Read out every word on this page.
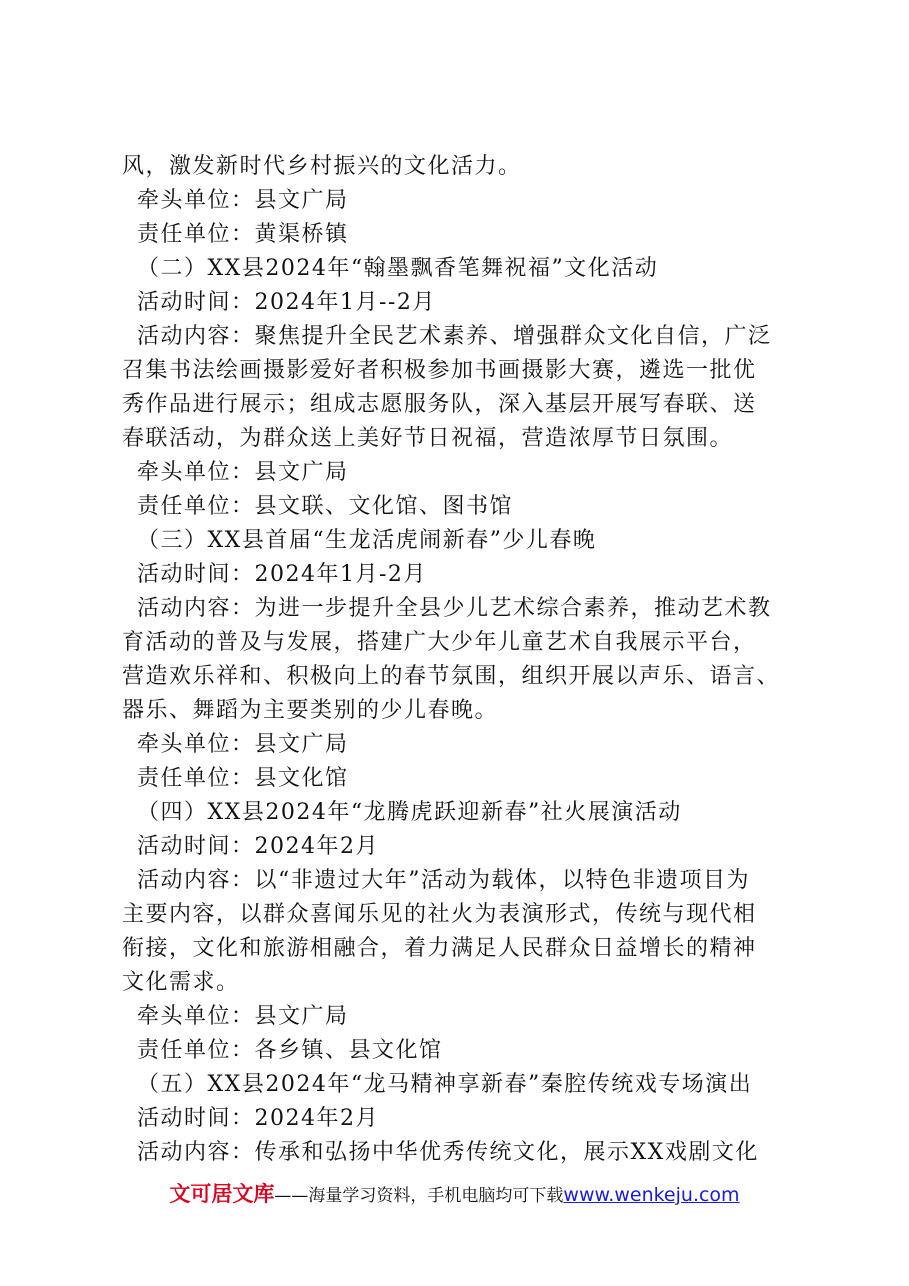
风，激发新时代乡村振兴的文化活力。
牵头单位：县文广局
责任单位：黄渠桥镇
（二）XX县2024年“翰墨飘香笔舞祝福”文化活动
活动时间：2024年1月--2月
活动内容：聚焦提升全民艺术素养、增强群众文化自信，广泛
召集书法绘画摄影爱好者积极参加书画摄影大赛，遴选一批优
秀作品进行展示；组成志愿服务队，深入基层开展写春联、送
春联活动，为群众送上美好节日祝福，营造浓厚节日氛围。
牵头单位：县文广局
责任单位：县文联、文化馆、图书馆
（三）XX县首届“生龙活虎闹新春”少儿春晚
活动时间：2024年1月-2月
活动内容：为进一步提升全县少儿艺术综合素养，推动艺术教
育活动的普及与发展，搭建广大少年儿童艺术自我展示平台，
营造欢乐祥和、积极向上的春节氛围，组织开展以声乐、语言、
器乐、舞蹈为主要类别的少儿春晚。
牵头单位：县文广局
责任单位：县文化馆
（四）XX县2024年“龙腾虎跃迎新春”社火展演活动
活动时间：2024年2月
活动内容：以“非遗过大年”活动为载体，以特色非遗项目为
主要内容，以群众喜闻乐见的社火为表演形式，传统与现代相
衔接，文化和旅游相融合，着力满足人民群众日益增长的精神
文化需求。
牵头单位：县文广局
责任单位：各乡镇、县文化馆
（五）XX县2024年“龙马精神享新春”秦腔传统戏专场演出
活动时间：2024年2月
活动内容：传承和弘扬中华优秀传统文化，展示XX戏剧文化
文可居文库——海量学习资料，手机电脑均可下载www.wenkeju.com
